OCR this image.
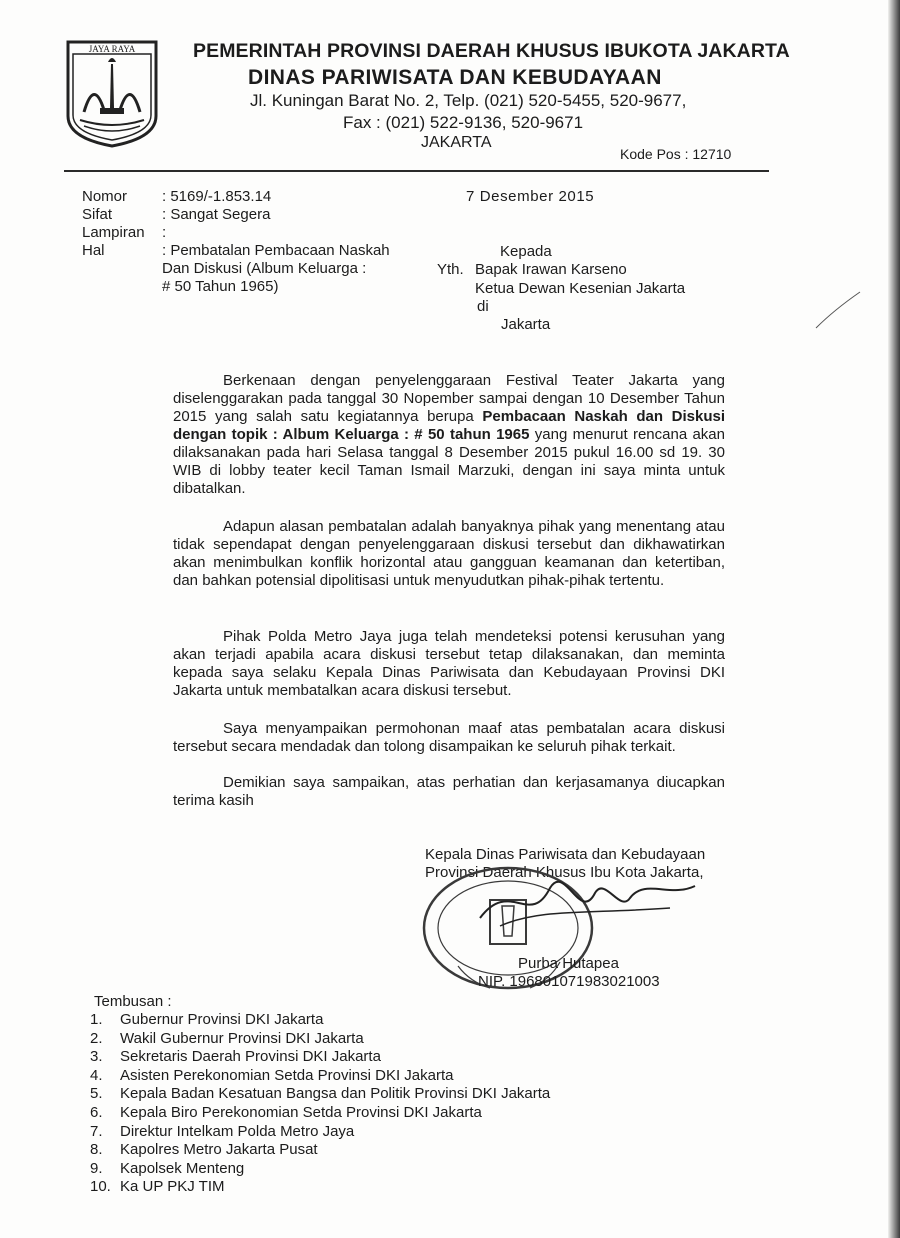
JAYA RAYA	PEMERINTAH PROVINSI DAERAH KHUSUS IBUKOTA JAKARTA
DINAS PARIWISATA DAN KEBUDAYAAN
Jl. Kuningan Barat No. 2, Telp. (021) 520-5455, 520-9677,
Fax : (021) 522-9136, 520-9671
JAKARTA
Kode Pos : 12710
Nomor : 5169/-1.853.14
Sifat	: Sangat Segera
Lampiran :
Hal	: Pembatalan Pembacaan Naskah
Dan Diskusi (Album Keluarga :
# 50 Tahun 1965)
7 Desember 2015
Kepada
Yth. Bapak Irawan Karseno
Ketua Dewan Kesenian Jakarta
di
Jakarta
Berkenaan dengan penyelenggaraan Festival Teater Jakarta yang diselenggarakan pada tanggal 30 Nopember sampai dengan 10 Desember Tahun 2015 yang salah satu kegiatannya berupa Pembacaan Naskah dan Diskusi dengan topik : Album Keluarga : # 50 tahun 1965 yang menurut rencana akan dilaksanakan pada hari Selasa tanggal 8 Desember 2015 pukul 16.00 sd 19. 30 WIB di lobby teater kecil Taman Ismail Marzuki, dengan ini saya minta untuk dibatalkan.
Adapun alasan pembatalan adalah banyaknya pihak yang menentang atau tidak sependapat dengan penyelenggaraan diskusi tersebut dan dikhawatirkan akan menimbulkan konflik horizontal atau gangguan keamanan dan ketertiban, dan bahkan potensial dipolitisasi untuk menyudutkan pihak-pihak tertentu.
Pihak Polda Metro Jaya juga telah mendeteksi potensi kerusuhan yang akan terjadi apabila acara diskusi tersebut tetap dilaksanakan, dan meminta kepada saya selaku Kepala Dinas Pariwisata dan Kebudayaan Provinsi DKI Jakarta untuk membatalkan acara diskusi tersebut.
Saya menyampaikan permohonan maaf atas pembatalan acara diskusi tersebut secara mendadak dan tolong disampaikan ke seluruh pihak terkait.
Demikian saya sampaikan, atas perhatian dan kerjasamanya diucapkan terima kasih
Kepala Dinas Pariwisata dan Kebudayaan
Provinsi Daerah Khusus Ibu Kota Jakarta,
Purba Hutapea
NIP. 196801071983021003
Tembusan :
1. Gubernur Provinsi DKI Jakarta
2. Wakil Gubernur Provinsi DKI Jakarta
3. Sekretaris Daerah Provinsi DKI Jakarta
4. Asisten Perekonomian Setda Provinsi DKI Jakarta
5. Kepala Badan Kesatuan Bangsa dan Politik Provinsi DKI Jakarta
6. Kepala Biro Perekonomian Setda Provinsi DKI Jakarta
7. Direktur Intelkam Polda Metro Jaya
8. Kapolres Metro Jakarta Pusat
9. Kapolsek Menteng
10. Ka UP PKJ TIM
